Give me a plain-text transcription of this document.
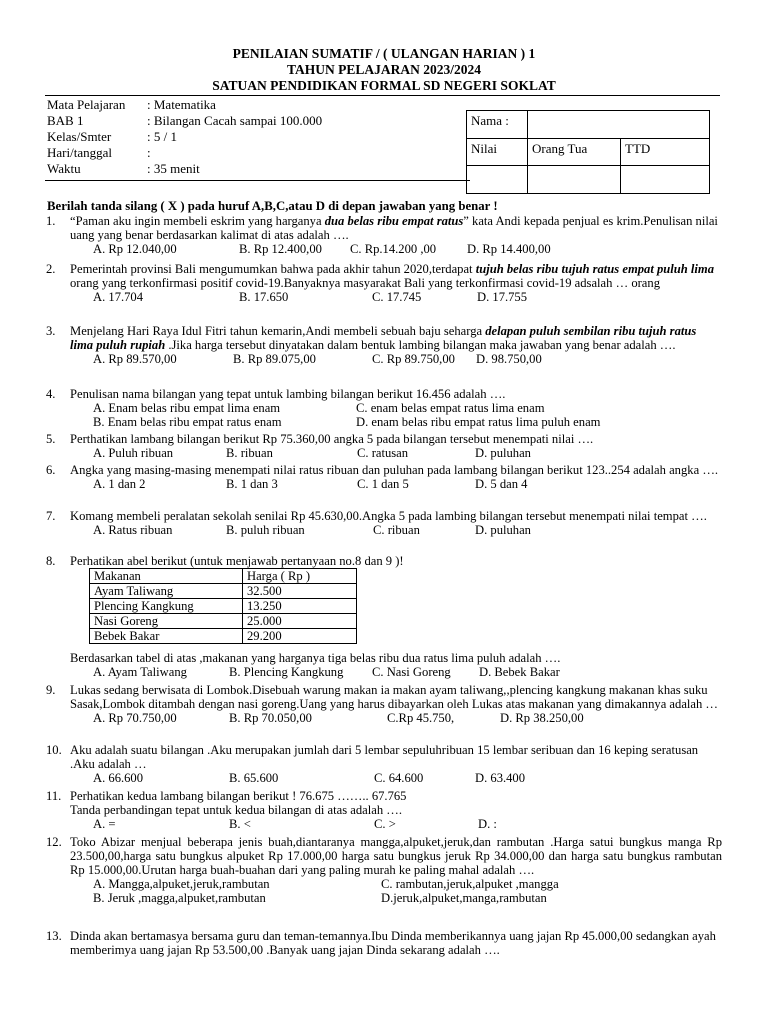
PENILAIAN SUMATIF / ( ULANGAN HARIAN ) 1
TAHUN PELAJARAN 2023/2024
SATUAN PENDIDIKAN FORMAL SD NEGERI SOKLAT
Mata Pelajaran : Matematika
BAB 1	: Bilangan Cacah sampai 100.000
Kelas/Smter	: 5 / 1
Hari/tanggal	:
Waktu	: 35 menit
Nama :		
Nilai	Orang Tua	TTD

Berilah tanda silang ( X ) pada huruf A,B,C,atau D di depan jawaban yang benar !
1. “Paman aku ingin membeli eskrim yang harganya dua belas ribu empat ratus” kata Andi kepada penjual es krim.Penulisan nilai uang yang benar berdasarkan kalimat di atas adalah ….

A. Rp 12.040,00	B. Rp 12.400,00 C. Rp.14.200 ,00 D. Rp 14.400,00
2. Pemerintah provinsi Bali mengumumkan bahwa pada akhir tahun 2020,terdapat tujuh belas ribu tujuh ratus empat puluh lima orang yang terkonfirmasi positif covid-19.Banyaknya masyarakat Bali yang terkonfirmasi covid-19 adsalah … orang

A. 17.704	B. 17.650	C. 17.745	D. 17.755
3. Menjelang Hari Raya Idul Fitri tahun kemarin,Andi membeli sebuah baju seharga delapan puluh sembilan ribu tujuh ratus lima puluh rupiah .Jika harga tersebut dinyatakan dalam bentuk lambing bilangan maka jawaban yang benar adalah ….

A. Rp 89.570,00	B. Rp 89.075,00	C. Rp 89.750,00 D. 98.750,00
4. Penulisan nama bilangan yang tepat untuk lambing bilangan berikut 16.456 adalah ….

A. Enam belas ribu empat lima enam	C. enam belas empat ratus lima enam
B. Enam belas ribu empat ratus enam	D. enam belas ribu empat ratus lima puluh enam
5. Perthatikan lambang bilangan berikut Rp 75.360,00 angka 5 pada bilangan tersebut menempati nilai ….

A. Puluh ribuan	B. ribuan	C. ratusan	D. puluhan
6. Angka yang masing-masing menempati nilai ratus ribuan dan puluhan pada lambang bilangan berikut 123..254 adalah angka ….

A. 1 dan 2	B. 1 dan 3	C. 1 dan 5	D. 5 dan 4
7. Komang membeli peralatan sekolah senilai Rp 45.630,00.Angka 5 pada lambing bilangan tersebut menempati nilai tempat ….

A. Ratus ribuan	B. puluh ribuan	C. ribuan	D. puluhan
8. Perhatikan abel berikut (untuk menjawab pertanyaan no.8 dan 9 )!

Makanan	Harga ( Rp )
Ayam Taliwang	32.500
Plencing Kangkung	13.250
Nasi Goreng	25.000
Bebek Bakar	29.200

Berdasarkan tabel di atas ,makanan yang harganya tiga belas ribu dua ratus lima puluh adalah ….

A. Ayam Taliwang	B. Plencing Kangkung C. Nasi Goreng D. Bebek Bakar
9. Lukas sedang berwisata di Lombok.Disebuah warung makan ia makan ayam taliwang,,plencing kangkung makanan khas suku Sasak,Lombok ditambah dengan nasi goreng.Uang yang harus dibayarkan oleh Lukas atas makanan yang dimakannya adalah …

A. Rp 70.750,00	B. Rp 70.050,00	C.Rp 45.750,	D. Rp 38.250,00
10. Aku adalah suatu bilangan .Aku merupakan jumlah dari 5 lembar sepuluhribuan 15 lembar seribuan dan 16 keping seratusan .Aku adalah …

A. 66.600	B. 65.600	C. 64.600	D. 63.400
11. Perhatikan kedua lambang bilangan berikut ! 76.675 …….. 67.765

Tanda perbandingan tepat untuk kedua bilangan di atas adalah ….

A. =	B. <	C. >	D. :
12. Toko Abizar menjual beberapa jenis buah,diantaranya mangga,alpuket,jeruk,dan rambutan .Harga satui bungkus manga Rp 23.500,00,harga satu bungkus alpuket Rp 17.000,00 harga satu bungkus jeruk Rp 34.000,00 dan harga satu bungkus rambutan Rp 15.000,00.Urutan harga buah-buahan dari yang paling murah ke paling mahal adalah ….

A. Mangga,alpuket,jeruk,rambutan	C. rambutan,jeruk,alpuket ,mangga
B. Jeruk ,magga,alpuket,rambutan	D.jeruk,alpuket,manga,rambutan
13. Dinda akan bertamasya bersama guru dan teman-temannya.Ibu Dinda memberikannya uang jajan Rp 45.000,00 sedangkan ayah memberimya uang jajan Rp 53.500,00 .Banyak uang jajan Dinda sekarang adalah ….
